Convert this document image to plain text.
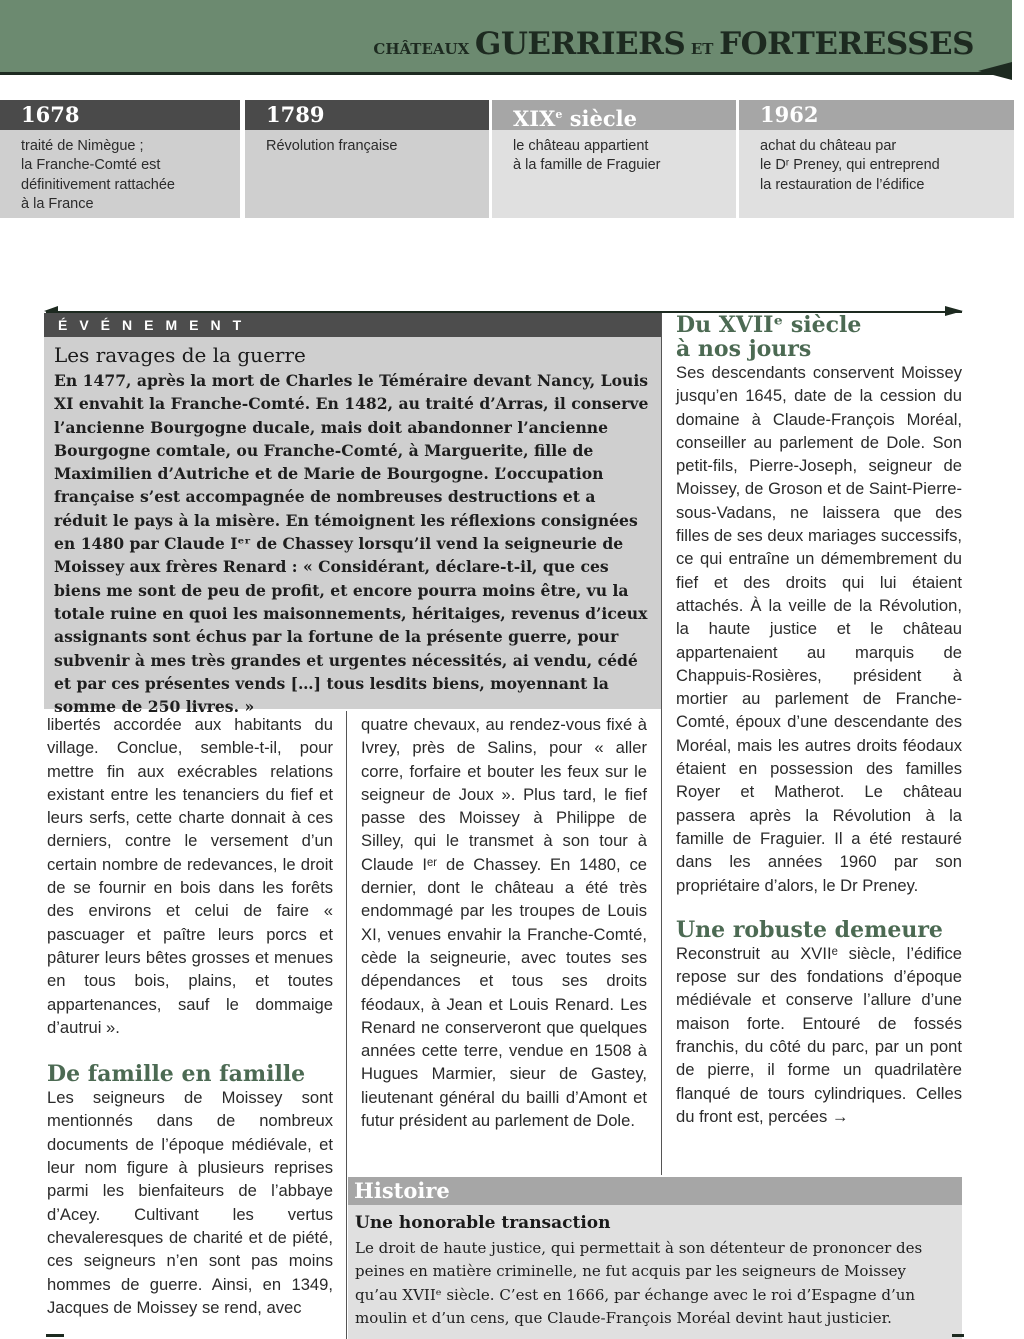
CHÂTEAUX GUERRIERS ET FORTERESSES
1678
traité de Nimègue ;
la Franche-Comté est
définitivement rattachée
à la France
1789
Révolution française
XIXe siècle
le château appartient
à la famille de Fraguier
1962
achat du château par
le Dʳ Preney, qui entreprend
la restauration de l’édifice
ÉVÉNEMENT
Les ravages de la guerre
En 1477, après la mort de Charles le Téméraire devant Nancy, Louis XI envahit la Franche-Comté. En 1482, au traité d’Arras, il conserve l’ancienne Bourgogne ducale, mais doit abandonner l’ancienne Bourgogne comtale, ou Franche-Comté, à Marguerite, fille de Maximilien d’Autriche et de Marie de Bourgogne. L’occupation française s’est accompagnée de nombreuses destructions et a réduit le pays à la misère. En témoignent les réflexions consignées en 1480 par Claude Iᵉʳ de Chassey lorsqu’il vend la seigneurie de Moissey aux frères Renard : « Considérant, déclare-t-il, que ces biens me sont de peu de profit, et encore pourra moins être, vu la totale ruine en quoi les maisonnements, héritaiges, revenus d’iceux assignants sont échus par la fortune de la présente guerre, pour subvenir à mes très grandes et urgentes nécessités, ai vendu, cédé et par ces présentes vends […] tous lesdits biens, moyennant la somme de 250 livres. »

libertés accordée aux habitants du village. Conclue, semble-t-il, pour mettre fin aux exécrables relations existant entre les tenanciers du fief et leurs serfs, cette charte donnait à ces derniers, contre le versement d’un certain nombre de redevances, le droit de se fournir en bois dans les forêts des environs et celui de faire « pascuager et paître leurs porcs et pâturer leurs bêtes grosses et menues en tous bois, plains, et toutes appartenances, sauf le dommaige d’autrui ».

De famille en famille

Les seigneurs de Moissey sont mentionnés dans de nombreux documents de l’époque médiévale, et leur nom figure à plusieurs reprises parmi les bienfaiteurs de l’abbaye d’Acey. Cultivant les vertus chevaleresques de charité et de piété, ces seigneurs n’en sont pas moins hommes de guerre. Ainsi, en 1349, Jacques de Moissey se rend, avec

quatre chevaux, au rendez-vous fixé à Ivrey, près de Salins, pour « aller corre, forfaire et bouter les feux sur le seigneur de Joux ». Plus tard, le fief passe des Moissey à Philippe de Silley, qui le transmet à son tour à Claude Iᵉʳ de Chassey. En 1480, ce dernier, dont le château a été très endommagé par les troupes de Louis XI, venues envahir la Franche-Comté, cède la seigneurie, avec toutes ses dépendances et tous ses droits féodaux, à Jean et Louis Renard. Les Renard ne conserveront que quelques années cette terre, vendue en 1508 à Hugues Marmier, sieur de Gastey, lieutenant général du bailli d’Amont et futur président au parlement de Dole.

Du XVIIᵉ siècle
à nos jours

Ses descendants conservent Moissey jusqu’en 1645, date de la cession du domaine à Claude-François Moréal, conseiller au parlement de Dole. Son petit-fils, Pierre-Joseph, seigneur de Moissey, de Groson et de Saint-Pierre-sous-Vadans, ne laissera que des filles de ses deux mariages successifs, ce qui entraîne un démembrement du fief et des droits qui lui étaient attachés. À la veille de la Révolution, la haute justice et le château appartenaient au marquis de Chappuis-Rosières, président à mortier au parlement de Franche-Comté, époux d’une descendante des Moréal, mais les autres droits féodaux étaient en possession des familles Royer et Matherot. Le château passera après la Révolution à la famille de Fraguier. Il a été restauré dans les années 1960 par son propriétaire d’alors, le Dr Preney.

Une robuste demeure

Reconstruit au XVIIᵉ siècle, l’édifice repose sur des fondations d’époque médiévale et conserve l’allure d’une maison forte. Entouré de fossés franchis, du côté du parc, par un pont de pierre, il forme un quadrilatère flanqué de tours cylindriques. Celles du front est, percées →

Histoire
Une honorable transaction
Le droit de haute justice, qui permettait à son détenteur de prononcer des peines en matière criminelle, ne fut acquis par les seigneurs de Moissey qu’au XVIIᵉ siècle. C’est en 1666, par échange avec le roi d’Espagne d’un moulin et d’un cens, que Claude-François Moréal devint haut justicier.
